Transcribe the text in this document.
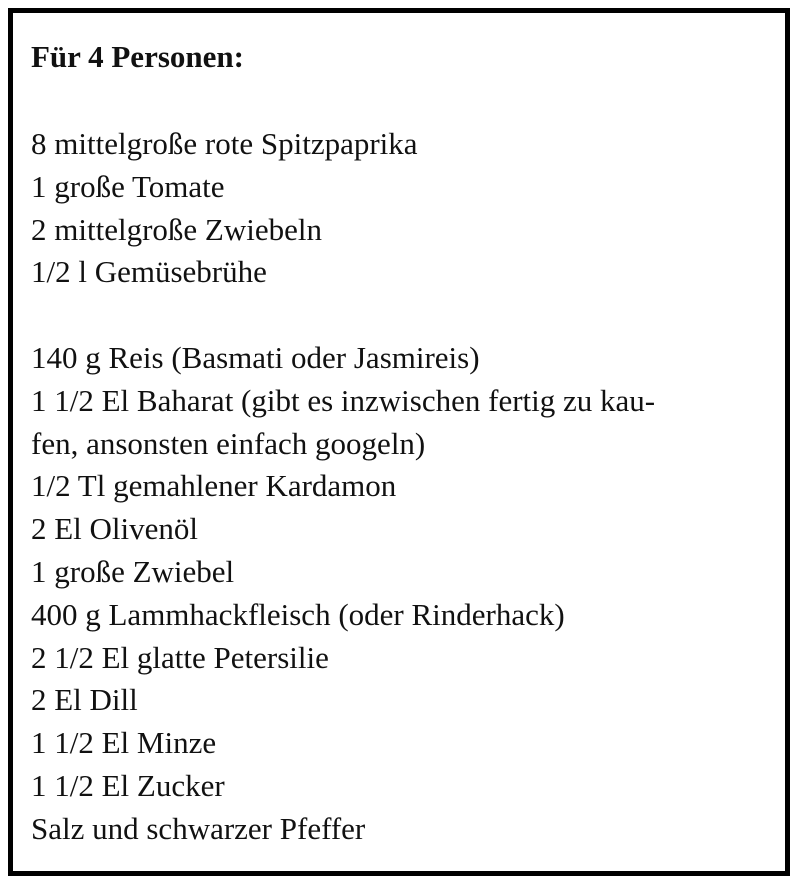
Für 4 Personen:
8 mittelgroße rote Spitzpaprika
1 große Tomate
2 mittelgroße Zwiebeln
1/2 l Gemüsebrühe
140 g Reis (Basmati oder Jasmireis)
1 1/2 El Baharat (gibt es inzwischen fertig zu kau-
fen, ansonsten einfach googeln)
1/2 Tl gemahlener Kardamon
2 El Olivenöl
1 große Zwiebel
400 g Lammhackfleisch (oder Rinderhack)
2 1/2 El glatte Petersilie
2 El Dill
1 1/2 El Minze
1 1/2 El Zucker
Salz und schwarzer Pfeffer
